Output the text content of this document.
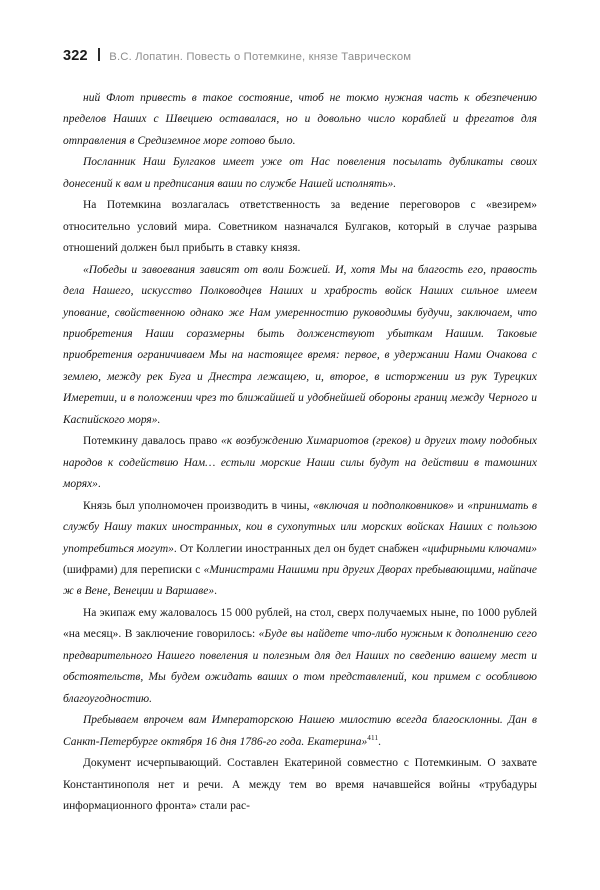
322 В.С. Лопатин. Повесть о Потемкине, князе Таврическом

ний Флот привесть в такое состояние, чтоб не токмо нужная часть к обезпечению пределов Наших с Швециею оставалася, но и довольно число кораблей и фрегатов для отправления в Средиземное море готово было.

Посланник Наш Булгаков имеет уже от Нас повеления посылать дубликаты своих донесений к вам и предписания ваши по службе Нашей исполнять».

На Потемкина возлагалась ответственность за ведение переговоров с «везирем» относительно условий мира. Советником назначался Булгаков, который в случае разрыва отношений должен был прибыть в ставку князя.

«Победы и завоевания зависят от воли Божией. И, хотя Мы на благость его, правость дела Нашего, искусство Полководцев Наших и храбрость войск Наших сильное имеем упование, свойственною однако же Нам умеренностию руководимы будучи, заключаем, что приобретения Наши соразмерны быть долженствуют убыткам Нашим. Таковые приобретения ограничиваем Мы на настоящее время: первое, в удержании Нами Очакова с землею, между рек Буга и Днестра лежащею, и, второе, в исторжении из рук Турецких Имеретии, и в положении чрез то ближайшей и удобнейшей обороны границ между Черного и Каспийского моря».

Потемкину давалось право «к возбуждению Химариотов (греков) и других тому подобных народов к содействию Нам… естьли морские Наши силы будут на действии в тамошних морях».

Князь был уполномочен производить в чины, «включая и подполковников» и «принимать в службу Нашу таких иностранных, кои в сухопутных или морских войсках Наших с пользою употребиться могут». От Коллегии иностранных дел он будет снабжен «цифирными ключами» (шифрами) для переписки с «Министрами Нашими при других Дворах пребывающими, найпаче ж в Вене, Венеции и Варшаве».

На экипаж ему жаловалось 15 000 рублей, на стол, сверх получаемых ныне, по 1000 рублей «на месяц». В заключение говорилось: «Буде вы найдете что-либо нужным к дополнению сего предварительного Нашего повеления и полезным для дел Наших по сведению вашему мест и обстоятельств, Мы будем ожидать ваших о том представлений, кои примем с особливою благоугодностию.

Пребываем впрочем вам Императорскою Нашею милостию всегда благосклонны. Дан в Санкт-Петербурге октября 16 дня 1786-го года. Екатерина»$^{411}$.

Документ исчерпывающий. Составлен Екатериной совместно с Потемкиным. О захвате Константинополя нет и речи. А между тем во время начавшейся войны «трубадуры информационного фронта» стали рас-
